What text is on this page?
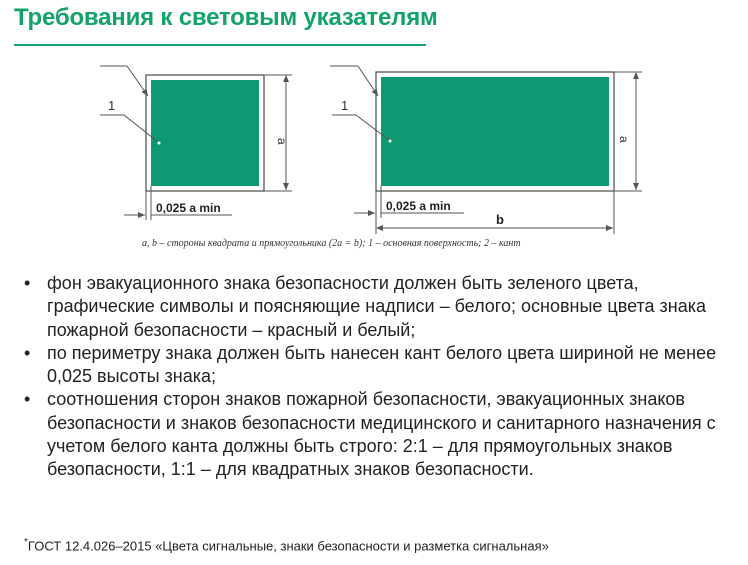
Требования к световым указателям
1
a
0,025 a min
1
a
b
0,025 a min
a, b – стороны квадрата и прямоугольника (2a = b); 1 – основная поверхность; 2 – кант
• фон эвакуационного знака безопасности должен быть зеленого цвета, графические символы и поясняющие надписи – белого; основные цвета знака пожарной безопасности – красный и белый;
• по периметру знака должен быть нанесен кант белого цвета шириной не менее 0,025 высоты знака;
• соотношения сторон знаков пожарной безопасности, эвакуационных знаков безопасности и знаков безопасности медицинского и санитарного назначения с учетом белого канта должны быть строго: 2:1 – для прямоугольных знаков безопасности, 1:1 – для квадратных знаков безопасности.
*ГОСТ 12.4.026–2015 «Цвета сигнальные, знаки безопасности и разметка сигнальная»
